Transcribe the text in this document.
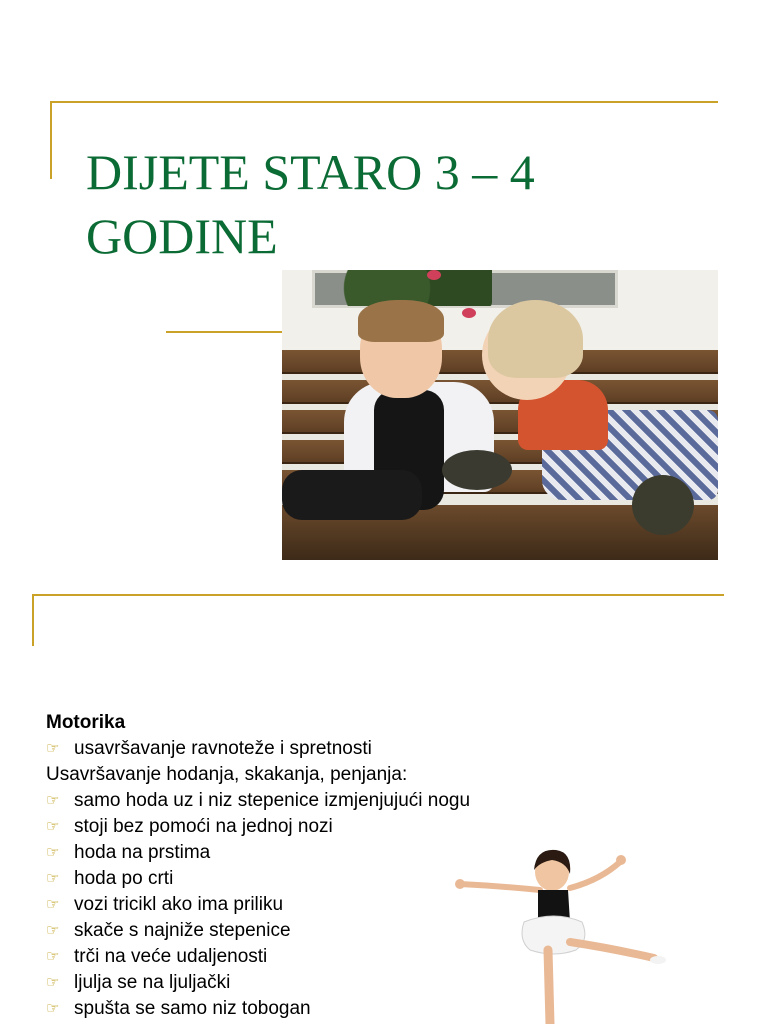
DIJETE STARO 3 – 4
GODINE

Motorika

☞ usavršavanje ravnoteže i spretnosti

Usavršavanje hodanja, skakanja, penjanja:

☞ samo hoda uz i niz stepenice izmjenjujući nogu
☞ stoji bez pomoći na jednoj nozi
☞ hoda na prstima
☞ hoda po crti
☞ vozi tricikl ako ima priliku
☞ skače s najniže stepenice
☞ trči na veće udaljenosti
☞ ljulja se na ljuljački
☞ spušta se samo niz tobogan
